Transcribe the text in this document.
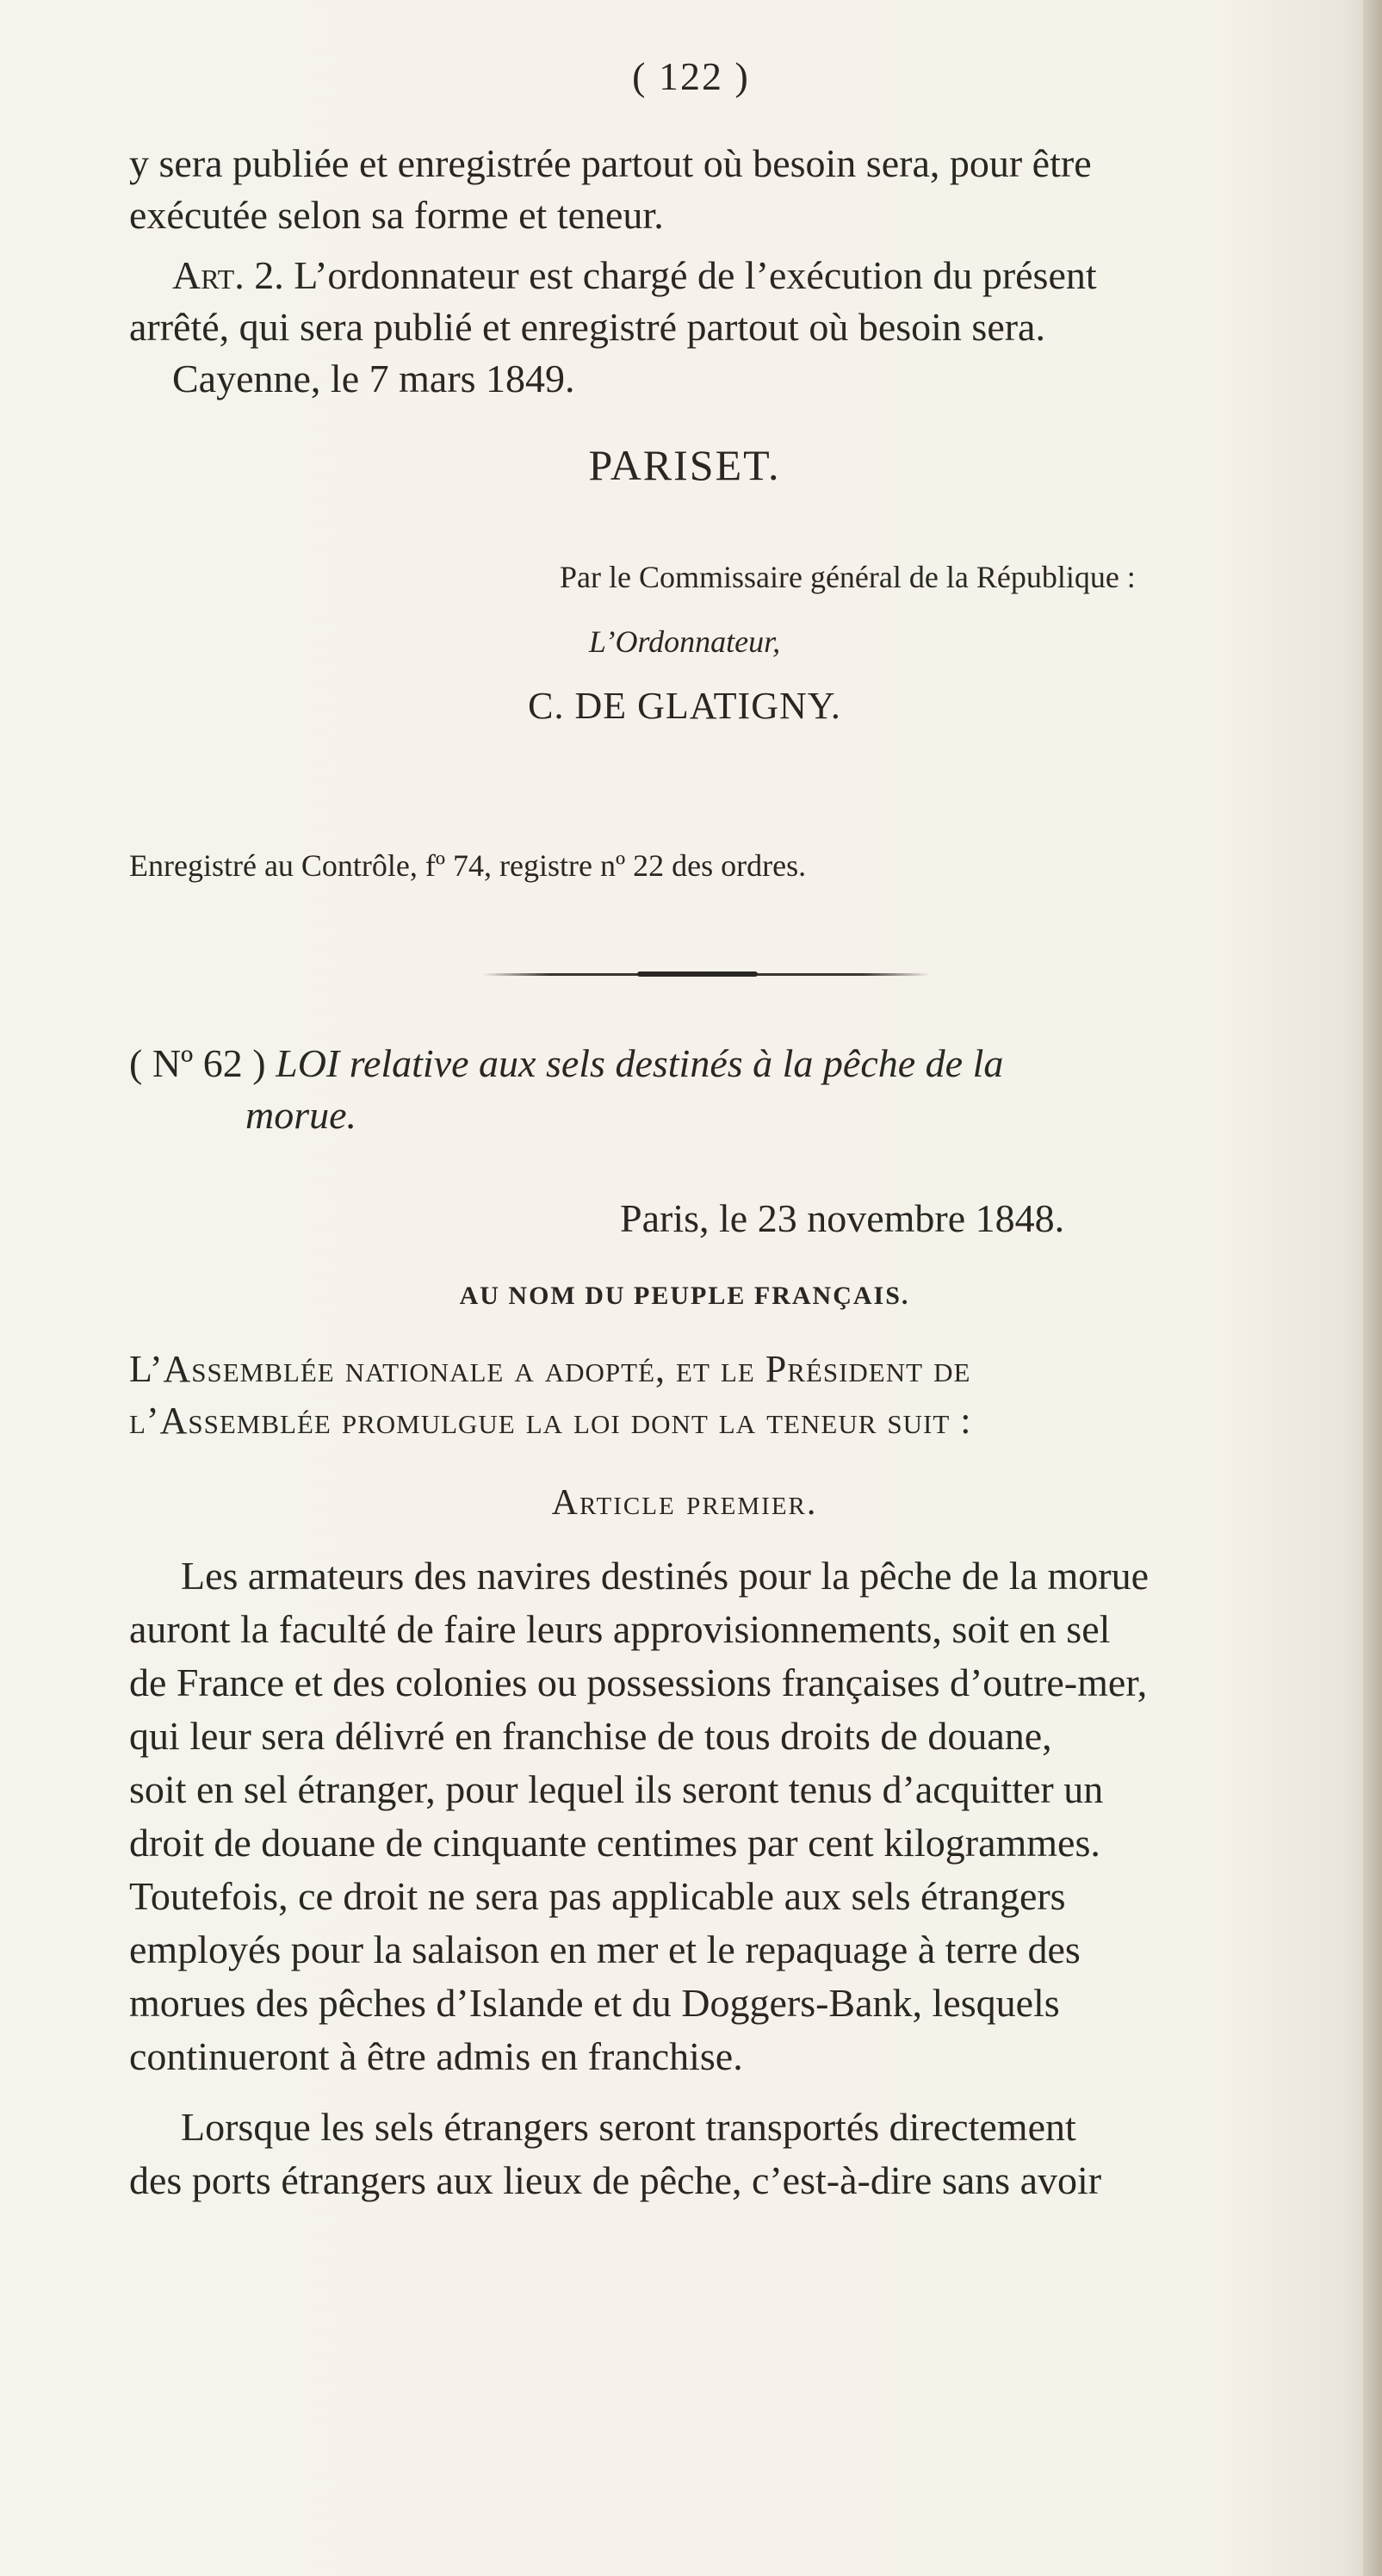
( 122 )
y sera publiée et enregistrée partout où besoin sera, pour être
exécutée selon sa forme et teneur.
Art. 2. L’ordonnateur est chargé de l’exécution du présent
arrêté, qui sera publié et enregistré partout où besoin sera.
Cayenne, le 7 mars 1849.
PARISET.
Par le Commissaire général de la République :
L’Ordonnateur,
C. DE GLATIGNY.
Enregistré au Contrôle, fº 74, registre nº 22 des ordres.
( Nº 62 ) LOI relative aux sels destinés à la pêche de la
morue.
Paris, le 23 novembre 1848.
AU NOM DU PEUPLE FRANÇAIS.
L’Assemblée nationale a adopté, et le Président de
l’Assemblée promulgue la loi dont la teneur suit :
Article premier.
Les armateurs des navires destinés pour la pêche de la morue
auront la faculté de faire leurs approvisionnements, soit en sel
de France et des colonies ou possessions françaises d’outre-mer,
qui leur sera délivré en franchise de tous droits de douane,
soit en sel étranger, pour lequel ils seront tenus d’acquitter un
droit de douane de cinquante centimes par cent kilogrammes.
Toutefois, ce droit ne sera pas applicable aux sels étrangers
employés pour la salaison en mer et le repaquage à terre des
morues des pêches d’Islande et du Doggers-Bank, lesquels
continueront à être admis en franchise.
Lorsque les sels étrangers seront transportés directement
des ports étrangers aux lieux de pêche, c’est-à-dire sans avoir
